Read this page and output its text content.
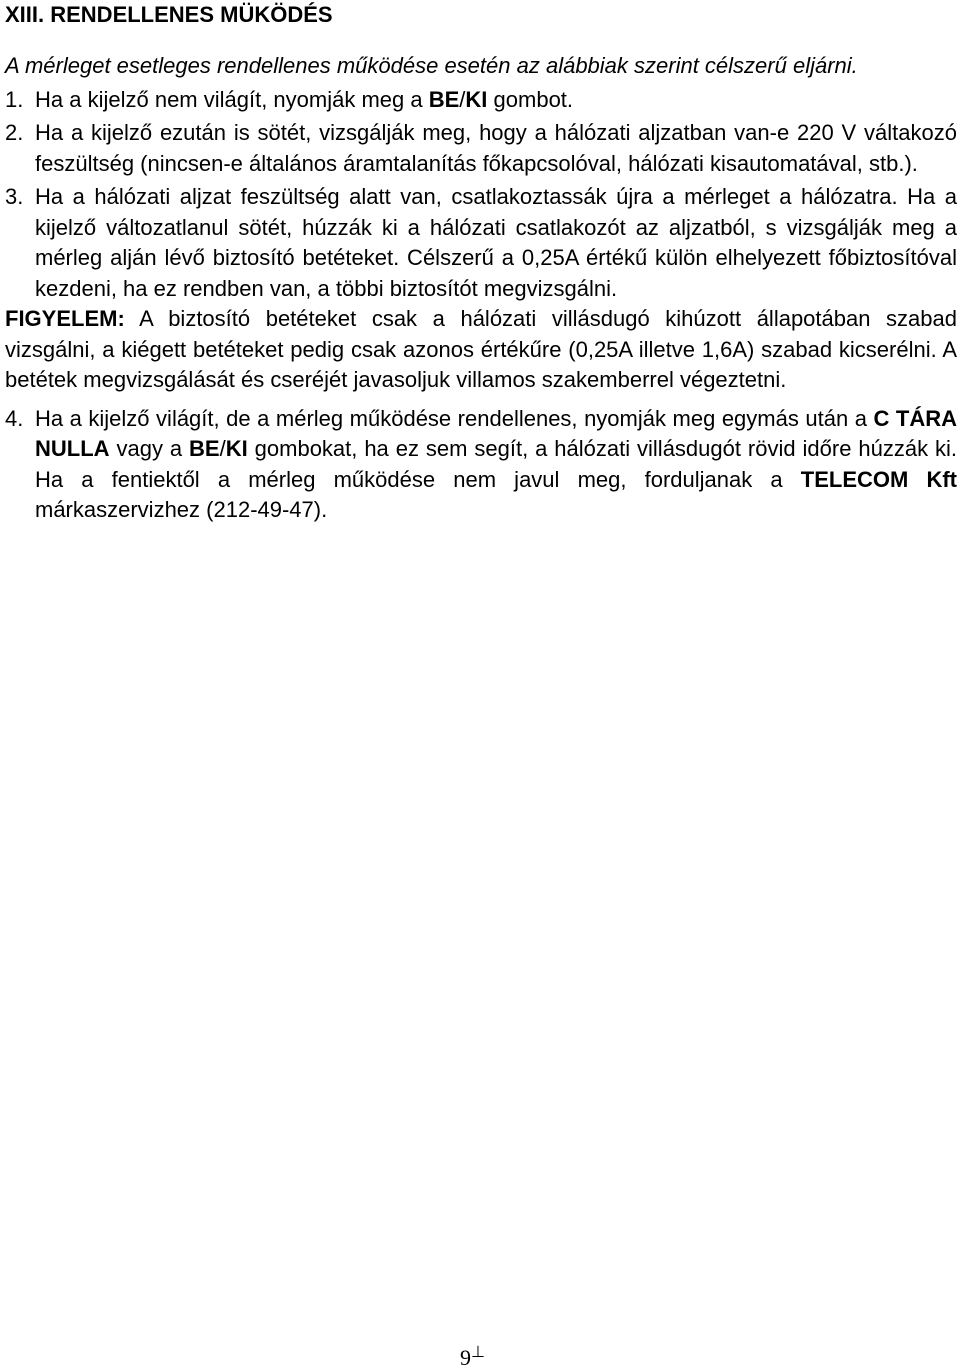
XIII. RENDELLENES MÜKÖDÉS

A mérleget esetleges rendellenes működése esetén az alábbiak szerint célszerű eljárni.

1. Ha a kijelző nem világít, nyomják meg a BE/KI gombot.
2. Ha a kijelző ezután is sötét, vizsgálják meg, hogy a hálózati aljzatban van-e 220 V váltakozó feszültség (nincsen-e általános áramtalanítás főkapcsolóval, hálózati kisautomatával, stb.).
3. Ha a hálózati aljzat feszültség alatt van, csatlakoztassák újra a mérleget a hálózatra. Ha a kijelző változatlanul sötét, húzzák ki a hálózati csatlakozót az aljzatból, s vizsgálják meg a mérleg alján lévő biztosító betéteket. Célszerű a 0,25A értékű külön elhelyezett főbiztosítóval kezdeni, ha ez rendben van, a többi biztosítót megvizsgálni.

FIGYELEM: A biztosító betéteket csak a hálózati villásdugó kihúzott állapotában szabad vizsgálni, a kiégett betéteket pedig csak azonos értékűre (0,25A illetve 1,6A) szabad kicserélni. A betétek megvizsgálását és cseréjét javasoljuk villamos szakemberrel végeztetni.

4. Ha a kijelző világít, de a mérleg működése rendellenes, nyomják meg egymás után a C TÁRA NULLA vagy a BE/KI gombokat, ha ez sem segít, a hálózati villásdugót rövid időre húzzák ki. Ha a fentiektől a mérleg működése nem javul meg, forduljanak a TELECOM Kft márkaszervizhez (212-49-47).
9⊥
